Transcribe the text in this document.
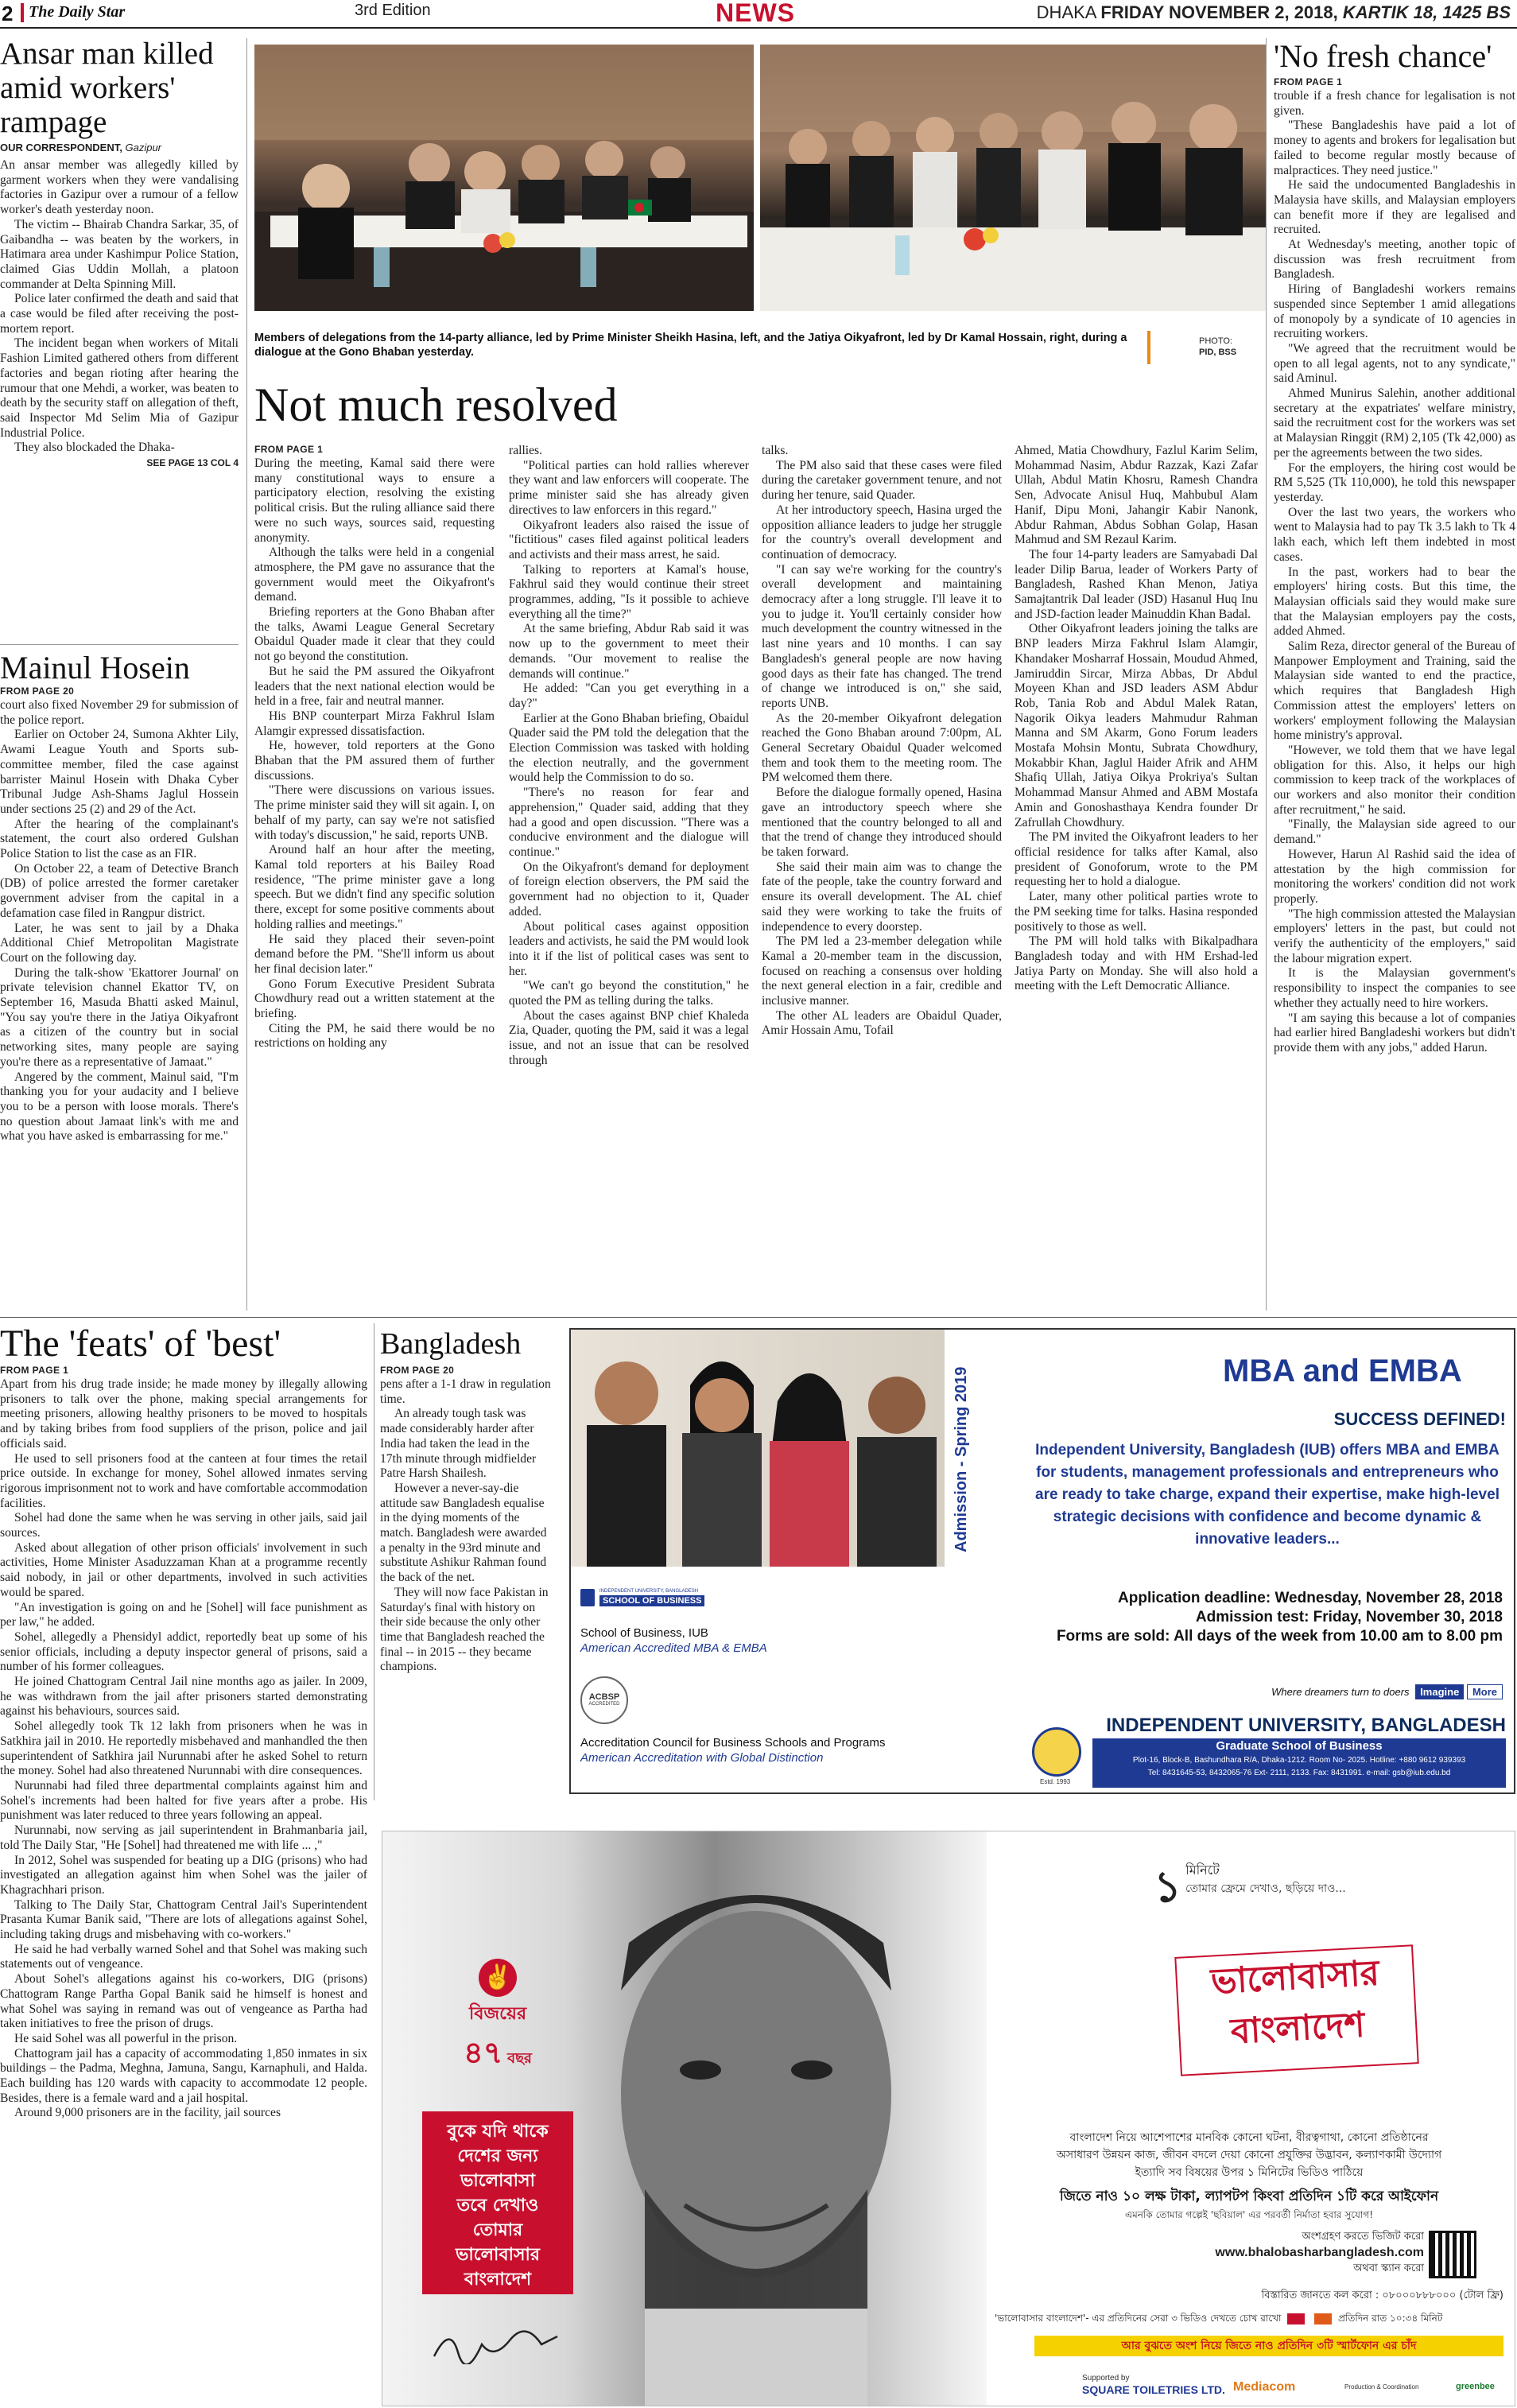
2 The Daily Star	3rd Edition	NEWS	DHAKA FRIDAY NOVEMBER 2, 2018, KARTIK 18, 1425 BS
Ansar man killed amid workers' rampage
OUR CORRESPONDENT, Gazipur

An ansar member was allegedly killed by garment workers when they were vandalising factories in Gazipur over a rumour of a fellow worker's death yesterday noon.

The victim -- Bhairab Chandra Sarkar, 35, of Gaibandha -- was beaten by the workers, in Hatimara area under Kashimpur Police Station, claimed Gias Uddin Mollah, a platoon commander at Delta Spinning Mill.

Police later confirmed the death and said that a case would be filed after receiving the post-mortem report.

The incident began when workers of Mitali Fashion Limited gathered others from different factories and began rioting after hearing the rumour that one Mehdi, a worker, was beaten to death by the security staff on allegation of theft, said Inspector Md Selim Mia of Gazipur Industrial Police.

They also blockaded the Dhaka-

SEE PAGE 13 COL 4
Mainul Hosein
FROM PAGE 20

court also fixed November 29 for submission of the police report.

Earlier on October 24, Sumona Akhter Lily, Awami League Youth and Sports sub-committee member, filed the case against barrister Mainul Hosein with Dhaka Cyber Tribunal Judge Ash-Shams Jaglul Hossein under sections 25 (2) and 29 of the Act.

After the hearing of the complainant's statement, the court also ordered Gulshan Police Station to list the case as an FIR.

On October 22, a team of Detective Branch (DB) of police arrested the former caretaker government adviser from the capital in a defamation case filed in Rangpur district.

Later, he was sent to jail by a Dhaka Additional Chief Metropolitan Magistrate Court on the following day.

During the talk-show 'Ekattorer Journal' on private television channel Ekattor TV, on September 16, Masuda Bhatti asked Mainul, "You say you're there in the Jatiya Oikyafront as a citizen of the country but in social networking sites, many people are saying you're there as a representative of Jamaat."

Angered by the comment, Mainul said, "I'm thanking you for your audacity and I believe you to be a person with loose morals. There's no question about Jamaat link's with me and what you have asked is embarrassing for me."

Members of delegations from the 14-party alliance, led by Prime Minister Sheikh Hasina, left, and the Jatiya Oikyafront, led by Dr Kamal Hossain, right, during a dialogue at the Gono Bhaban yesterday.
PHOTO:
PID, BSS
Not much resolved
FROM PAGE 1

During the meeting, Kamal said there were many constitutional ways to ensure a participatory election, resolving the existing political crisis. But the ruling alliance said there were no such ways, sources said, requesting anonymity.

Although the talks were held in a congenial atmosphere, the PM gave no assurance that the government would meet the Oikyafront's demand.

Briefing reporters at the Gono Bhaban after the talks, Awami League General Secretary Obaidul Quader made it clear that they could not go beyond the constitution.

But he said the PM assured the Oikyafront leaders that the next national election would be held in a free, fair and neutral manner.

His BNP counterpart Mirza Fakhrul Islam Alamgir expressed dissatisfaction.

He, however, told reporters at the Gono Bhaban that the PM assured them of further discussions.

"There were discussions on various issues. The prime minister said they will sit again. I, on behalf of my party, can say we're not satisfied with today's discussion," he said, reports UNB.

Around half an hour after the meeting, Kamal told reporters at his Bailey Road residence, "The prime minister gave a long speech. But we didn't find any specific solution there, except for some positive comments about holding rallies and meetings."

He said they placed their seven-point demand before the PM. "She'll inform us about her final decision later."

Gono Forum Executive President Subrata Chowdhury read out a written statement at the briefing.

Citing the PM, he said there would be no restrictions on holding any

rallies.

"Political parties can hold rallies wherever they want and law enforcers will cooperate. The prime minister said she has already given directives to law enforcers in this regard."

Oikyafront leaders also raised the issue of "fictitious" cases filed against political leaders and activists and their mass arrest, he said.

Talking to reporters at Kamal's house, Fakhrul said they would continue their street programmes, adding, "Is it possible to achieve everything all the time?"

At the same briefing, Abdur Rab said it was now up to the government to meet their demands. "Our movement to realise the demands will continue."

He added: "Can you get everything in a day?"

Earlier at the Gono Bhaban briefing, Obaidul Quader said the PM told the delegation that the Election Commission was tasked with holding the election neutrally, and the government would help the Commission to do so.

"There's no reason for fear and apprehension," Quader said, adding that they had a good and open discussion. "There was a conducive environment and the dialogue will continue."

On the Oikyafront's demand for deployment of foreign election observers, the PM said the government had no objection to it, Quader added.

About political cases against opposition leaders and activists, he said the PM would look into it if the list of political cases was sent to her.

"We can't go beyond the constitution," he quoted the PM as telling during the talks.

About the cases against BNP chief Khaleda Zia, Quader, quoting the PM, said it was a legal issue, and not an issue that can be resolved through

talks.

The PM also said that these cases were filed during the caretaker government tenure, and not during her tenure, said Quader.

At her introductory speech, Hasina urged the opposition alliance leaders to judge her struggle for the country's overall development and continuation of democracy.

"I can say we're working for the country's overall development and maintaining democracy after a long struggle. I'll leave it to you to judge it. You'll certainly consider how much development the country witnessed in the last nine years and 10 months. I can say Bangladesh's general people are now having good days as their fate has changed. The trend of change we introduced is on," she said, reports UNB.

As the 20-member Oikyafront delegation reached the Gono Bhaban around 7:00pm, AL General Secretary Obaidul Quader welcomed them and took them to the meeting room. The PM welcomed them there.

Before the dialogue formally opened, Hasina gave an introductory speech where she mentioned that the country belonged to all and that the trend of change they introduced should be taken forward.

She said their main aim was to change the fate of the people, take the country forward and ensure its overall development. The AL chief said they were working to take the fruits of independence to every doorstep.

The PM led a 23-member delegation while Kamal a 20-member team in the discussion, focused on reaching a consensus over holding the next general election in a fair, credible and inclusive manner.

The other AL leaders are Obaidul Quader, Amir Hossain Amu, Tofail

Ahmed, Matia Chowdhury, Fazlul Karim Selim, Mohammad Nasim, Abdur Razzak, Kazi Zafar Ullah, Abdul Matin Khosru, Ramesh Chandra Sen, Advocate Anisul Huq, Mahbubul Alam Hanif, Dipu Moni, Jahangir Kabir Nanonk, Abdur Rahman, Abdus Sobhan Golap, Hasan Mahmud and SM Rezaul Karim.

The four 14-party leaders are Samyabadi Dal leader Dilip Barua, leader of Workers Party of Bangladesh, Rashed Khan Menon, Jatiya Samajtantrik Dal leader (JSD) Hasanul Huq Inu and JSD-faction leader Mainuddin Khan Badal.

Other Oikyafront leaders joining the talks are BNP leaders Mirza Fakhrul Islam Alamgir, Khandaker Mosharraf Hossain, Moudud Ahmed, Jamiruddin Sircar, Mirza Abbas, Dr Abdul Moyeen Khan and JSD leaders ASM Abdur Rob, Tania Rob and Abdul Malek Ratan, Nagorik Oikya leaders Mahmudur Rahman Manna and SM Akarm, Gono Forum leaders Mostafa Mohsin Montu, Subrata Chowdhury, Mokabbir Khan, Jaglul Haider Afrik and AHM Shafiq Ullah, Jatiya Oikya Prokriya's Sultan Mohammad Mansur Ahmed and ABM Mostafa Amin and Gonoshasthaya Kendra founder Dr Zafrullah Chowdhury.

The PM invited the Oikyafront leaders to her official residence for talks after Kamal, also president of Gonoforum, wrote to the PM requesting her to hold a dialogue.

Later, many other political parties wrote to the PM seeking time for talks. Hasina responded positively to those as well.

The PM will hold talks with Bikalpadhara Bangladesh today and with HM Ershad-led Jatiya Party on Monday. She will also hold a meeting with the Left Democratic Alliance.

'No fresh chance'
FROM PAGE 1

trouble if a fresh chance for legalisation is not given.

"These Bangladeshis have paid a lot of money to agents and brokers for legalisation but failed to become regular mostly because of malpractices. They need justice."

He said the undocumented Bangladeshis in Malaysia have skills, and Malaysian employers can benefit more if they are legalised and recruited.

At Wednesday's meeting, another topic of discussion was fresh recruitment from Bangladesh.

Hiring of Bangladeshi workers remains suspended since September 1 amid allegations of monopoly by a syndicate of 10 agencies in recruiting workers.

"We agreed that the recruitment would be open to all legal agents, not to any syndicate," said Aminul.

Ahmed Munirus Salehin, another additional secretary at the expatriates' welfare ministry, said the recruitment cost for the workers was set at Malaysian Ringgit (RM) 2,105 (Tk 42,000) as per the agreements between the two sides.

For the employers, the hiring cost would be RM 5,525 (Tk 110,000), he told this newspaper yesterday.

Over the last two years, the workers who went to Malaysia had to pay Tk 3.5 lakh to Tk 4 lakh each, which left them indebted in most cases.

In the past, workers had to bear the employers' hiring costs. But this time, the Malaysian officials said they would make sure that the Malaysian employers pay the costs, added Ahmed.

Salim Reza, director general of the Bureau of Manpower Employment and Training, said the Malaysian side wanted to end the practice, which requires that Bangladesh High Commission attest the employers' letters on workers' employment following the Malaysian home ministry's approval.

"However, we told them that we have legal obligation for this. Also, it helps our high commission to keep track of the workplaces of our workers and also monitor their condition after recruitment," he said.

"Finally, the Malaysian side agreed to our demand."

However, Harun Al Rashid said the idea of attestation by the high commission for monitoring the workers' condition did not work properly.

"The high commission attested the Malaysian employers' letters in the past, but could not verify the authenticity of the employers," said the labour migration expert.

It is the Malaysian government's responsibility to inspect the companies to see whether they actually need to hire workers.

"I am saying this because a lot of companies had earlier hired Bangladeshi workers but didn't provide them with any jobs," added Harun.

The 'feats' of 'best'
FROM PAGE 1

Apart from his drug trade inside; he made money by illegally allowing prisoners to talk over the phone, making special arrangements for meeting prisoners, allowing healthy prisoners to be moved to hospitals and by taking bribes from food suppliers of the prison, police and jail officials said.

He used to sell prisoners food at the canteen at four times the retail price outside. In exchange for money, Sohel allowed inmates serving rigorous imprisonment not to work and have comfortable accommodation facilities.

Sohel had done the same when he was serving in other jails, said jail sources.

Asked about allegation of other prison officials' involvement in such activities, Home Minister Asaduzzaman Khan at a programme recently said nobody, in jail or other departments, involved in such activities would be spared.

"An investigation is going on and he [Sohel] will face punishment as per law," he added.

Sohel, allegedly a Phensidyl addict, reportedly beat up some of his senior officials, including a deputy inspector general of prisons, said a number of his former colleagues.

He joined Chattogram Central Jail nine months ago as jailer. In 2009, he was withdrawn from the jail after prisoners started demonstrating against his behaviours, sources said.

Sohel allegedly took Tk 12 lakh from prisoners when he was in Satkhira jail in 2010. He reportedly misbehaved and manhandled the then superintendent of Satkhira jail Nurunnabi after he asked Sohel to return the money. Sohel had also threatened Nurunnabi with dire consequences.

Nurunnabi had filed three departmental complaints against him and Sohel's increments had been halted for five years after a probe. His punishment was later reduced to three years following an appeal.

Nurunnabi, now serving as jail superintendent in Brahmanbaria jail, told The Daily Star, "He [Sohel] had threatened me with life ... ,"

In 2012, Sohel was suspended for beating up a DIG (prisons) who had investigated an allegation against him when Sohel was the jailer of Khagrachhari prison.

Talking to The Daily Star, Chattogram Central Jail's Superintendent Prasanta Kumar Banik said, "There are lots of allegations against Sohel, including taking drugs and misbehaving with co-workers."

He said he had verbally warned Sohel and that Sohel was making such statements out of vengeance.

About Sohel's allegations against his co-workers, DIG (prisons) Chattogram Range Partha Gopal Banik said he himself is honest and what Sohel was saying in remand was out of vengeance as Partha had taken initiatives to free the prison of drugs.

He said Sohel was all powerful in the prison.

Chattogram jail has a capacity of accommodating 1,850 inmates in six buildings – the Padma, Meghna, Jamuna, Sangu, Karnaphuli, and Halda. Each building has 120 wards with capacity to accommodate 12 people. Besides, there is a female ward and a jail hospital.

Around 9,000 prisoners are in the facility, jail sources

Bangladesh
FROM PAGE 20

pens after a 1-1 draw in regulation time.

An already tough task was made considerably harder after India had taken the lead in the 17th minute through midfielder Patre Harsh Shailesh.

However a never-say-die attitude saw Bangladesh equalise in the dying moments of the match. Bangladesh were awarded a penalty in the 93rd minute and substitute Ashikur Rahman found the back of the net.

They will now face Pakistan in Saturday's final with history on their side because the only other time that Bangladesh reached the final -- in 2015 -- they became champions.

Admission - Spring 2019
INDEPENDENT UNIVERSITY, BANGLADESH
SCHOOL OF BUSINESS
School of Business, IUB
American Accredited MBA & EMBA
ACBSP
ACCREDITED
Accreditation Council for Business Schools and Programs
American Accreditation with Global Distinction
Estd. 1993
MBA and EMBA
SUCCESS DEFINED!
Independent University, Bangladesh (IUB) offers MBA and EMBA for students, management professionals and entrepreneurs who are ready to take charge, expand their expertise, make high-level strategic decisions with confidence and become dynamic & innovative leaders...
Application deadline: Wednesday, November 28, 2018
Admission test: Friday, November 30, 2018
Forms are sold: All days of the week from 10.00 am to 8.00 pm
Where dreamers turn to doers Imagine More
INDEPENDENT UNIVERSITY, BANGLADESH
Graduate School of Business
Plot-16, Block-B, Bashundhara R/A, Dhaka-1212. Room No- 2025. Hotline: +880 9612 939393
Tel: 8431645-53, 8432065-76 Ext- 2111, 2133. Fax: 8431991. e-mail: gsb@iub.edu.bd
✌
বিজয়ের
৪৭ বছর
বুকে যদি থাকে
দেশের জন্য
ভালোবাসা
তবে দেখাও
তোমার
ভালোবাসার
বাংলাদেশ
১ মিনিটে
তোমার ফ্রেমে দেখাও, ছড়িয়ে দাও...
ভালোবাসার
বাংলাদেশ
বাংলাদেশ নিয়ে আশেপাশের মানবিক কোনো ঘটনা, বীরত্বগাথা, কোনো প্রতিষ্ঠানের
অসাধারণ উন্নয়ন কাজ, জীবন বদলে দেয়া কোনো প্রযুক্তির উদ্ভাবন, কল্যাণকামী উদ্যোগ
ইত্যাদি সব বিষয়ের উপর ১ মিনিটের ভিডিও পাঠিয়ে
জিতে নাও ১০ লক্ষ টাকা, ল্যাপটপ কিংবা প্রতিদিন ১টি করে আইফোন
এমনকি তোমার গল্পেই 'ছবিয়াল' এর পরবর্তী নির্মাতা হবার সুযোগ!
অংশগ্রহণ করতে ভিজিট করো
www.bhalobasharbangladesh.com
অথবা স্ক্যান করো
বিস্তারিত জানতে কল করো : ০৮০০০৮৮৮০০০ (টোল ফ্রি)
'ভালোবাসার বাংলাদেশ'- এর প্রতিদিনের সেরা ৩ ভিডিও দেখতে চোখ রাখো	প্রতিদিন রাত ১০:৩৪ মিনিট
আর বুঝতে অংশ নিয়ে জিতে নাও প্রতিদিন ৩টি স্মার্টফোন এর চাঁদ
Supported by
SQUARE TOILETRIES LTD. Mediacom	Production & Coordination	greenbee
